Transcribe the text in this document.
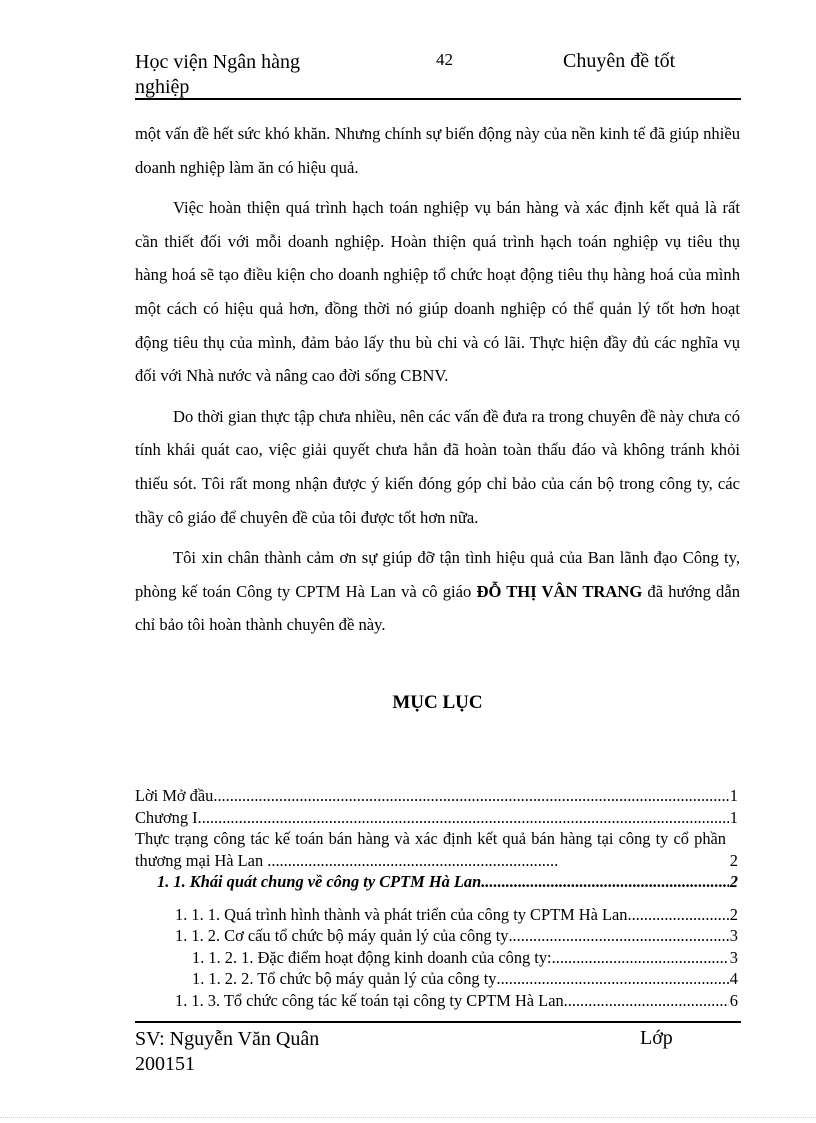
Học viện Ngân hàng
nghiệp
42	Chuyên đề tốt

một vấn đề hết sức khó khăn. Nhưng chính sự biến động này của nền kinh tế đã giúp nhiều doanh nghiệp làm ăn có hiệu quả.

Việc hoàn thiện quá trình hạch toán nghiệp vụ bán hàng và xác định kết quả là rất cần thiết đối với mỗi doanh nghiệp. Hoàn thiện quá trình hạch toán nghiệp vụ tiêu thụ hàng hoá sẽ tạo điều kiện cho doanh nghiệp tổ chức hoạt động tiêu thụ hàng hoá của mình một cách có hiệu quả hơn, đồng thời nó giúp doanh nghiệp có thể quản lý tốt hơn hoạt động tiêu thụ của mình, đảm bảo lấy thu bù chi và có lãi. Thực hiện đầy đủ các nghĩa vụ đối với Nhà nước và nâng cao đời sống CBNV.

Do thời gian thực tập chưa nhiều, nên các vấn đề đưa ra trong chuyên đề này chưa có tính khái quát cao, việc giải quyết chưa hẳn đã hoàn toàn thấu đáo và không tránh khỏi thiếu sót. Tôi rất mong nhận được ý kiến đóng góp chỉ bảo của cán bộ trong công ty, các thầy cô giáo để chuyên đề của tôi được tốt hơn nữa.

Tôi xin chân thành cảm ơn sự giúp đỡ tận tình hiệu quả của Ban lãnh đạo Công ty, phòng kế toán Công ty CPTM Hà Lan và cô giáo ĐỖ THỊ VÂN TRANG đã hướng dẫn chỉ bảo tôi hoàn thành chuyên đề này.

MỤC LỤC
Lời Mở đầu .....	1
Chương I .....	1
Thực trạng công tác kế toán bán hàng và xác định kết quả bán hàng tại công ty cổ phần thương mại Hà Lan .......................................................................	2
1. 1. Khái quát chung về công ty CPTM Hà Lan .....	2
1. 1. 1. Quá trình hình thành và phát triển của công ty CPTM Hà Lan .....	2
1. 1. 2. Cơ cấu tổ chức bộ máy quản lý của công ty .....	3
1. 1. 2. 1. Đặc điểm hoạt động kinh doanh của công ty: .....	3
1. 1. 2. 2. Tổ chức bộ máy quản lý của công ty .....	4
1. 1. 3. Tổ chức công tác kế toán tại công ty CPTM Hà Lan. .....	6
SV: Nguyễn Văn Quân
200151
Lớp
